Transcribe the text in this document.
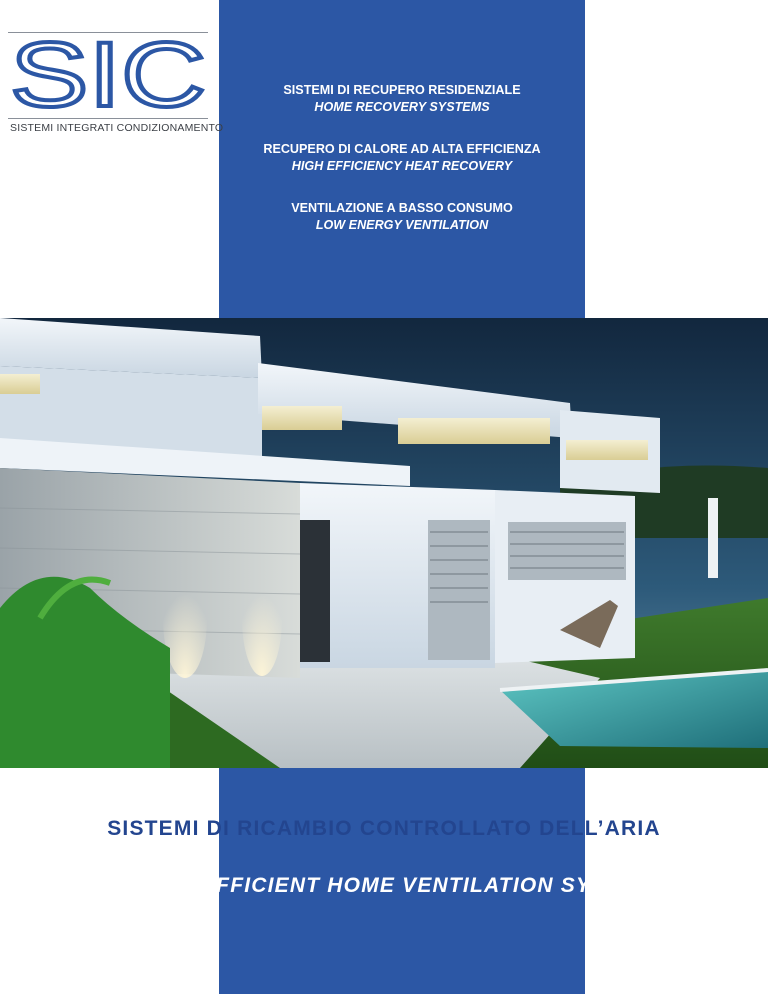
SIC
SISTEMI INTEGRATI CONDIZIONAMENTO
SISTEMI DI RECUPERO RESIDENZIALE
HOME RECOVERY SYSTEMS
RECUPERO DI CALORE AD ALTA EFFICIENZA
HIGH EFFICIENCY HEAT RECOVERY
VENTILAZIONE A BASSO CONSUMO
LOW ENERGY VENTILATION
SISTEMI DI RICAMBIO CONTROLLATO DELL’ARIA
ENERGY EFFICIENT HOME VENTILATION SYSTEMS
